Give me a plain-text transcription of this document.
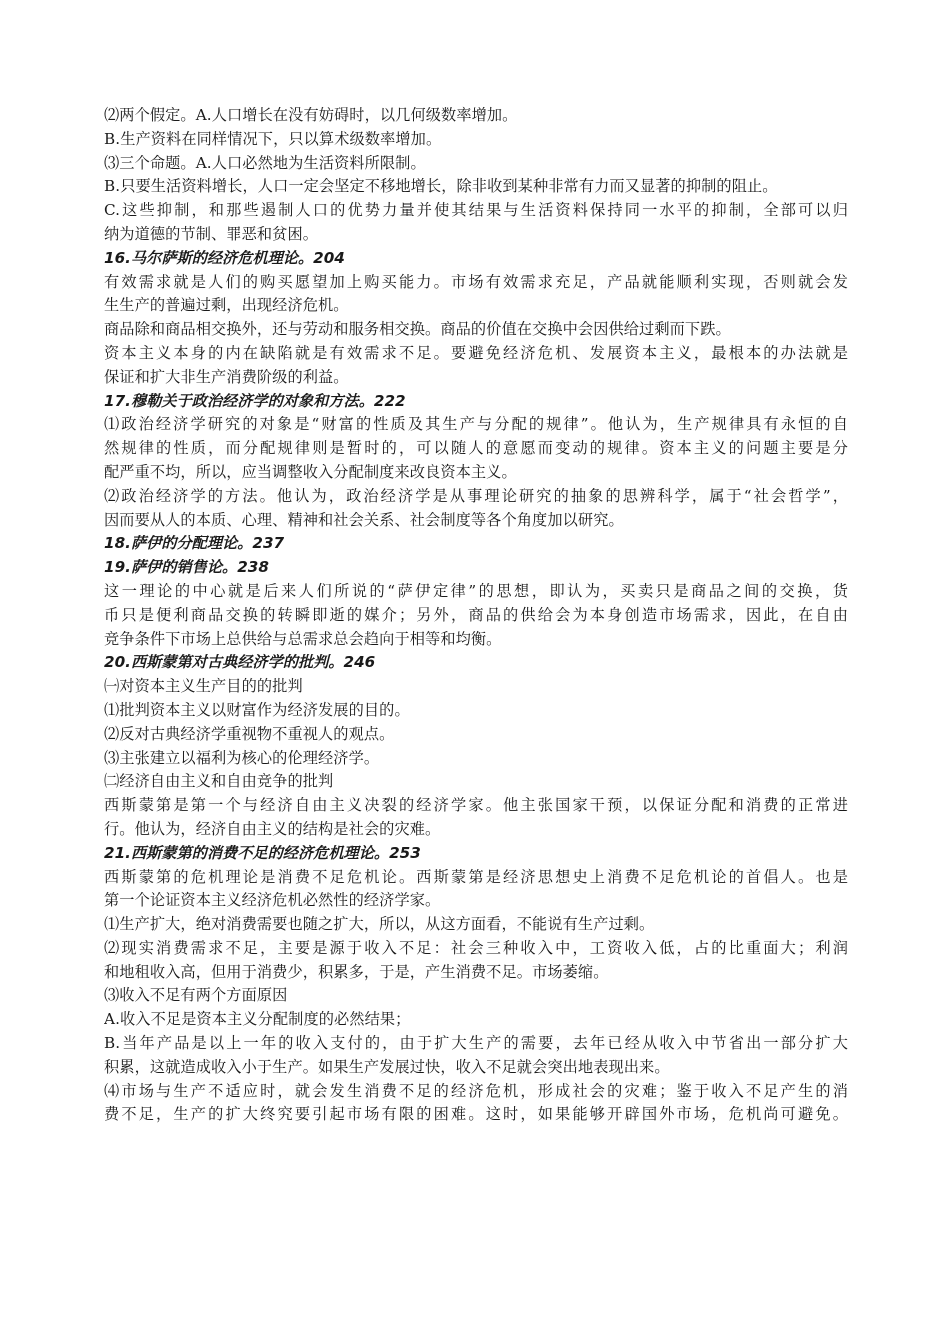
⑵两个假定。A.人口增长在没有妨碍时，以几何级数率增加。
B.生产资料在同样情况下，只以算术级数率增加。
⑶三个命题。A.人口必然地为生活资料所限制。
B.只要生活资料增长，人口一定会坚定不移地增长，除非收到某种非常有力而又显著的抑制的阻止。
C.这些抑制，和那些遏制人口的优势力量并使其结果与生活资料保持同一水平的抑制，全部可以归
纳为道德的节制、罪恶和贫困。
16.马尔萨斯的经济危机理论。204
有效需求就是人们的购买愿望加上购买能力。市场有效需求充足，产品就能顺利实现，否则就会发
生生产的普遍过剩，出现经济危机。
商品除和商品相交换外，还与劳动和服务相交换。商品的价值在交换中会因供给过剩而下跌。
资本主义本身的内在缺陷就是有效需求不足。要避免经济危机、发展资本主义，最根本的办法就是
保证和扩大非生产消费阶级的利益。
17.穆勒关于政治经济学的对象和方法。222
⑴政治经济学研究的对象是“财富的性质及其生产与分配的规律”。他认为，生产规律具有永恒的自
然规律的性质，而分配规律则是暂时的，可以随人的意愿而变动的规律。资本主义的问题主要是分
配严重不均，所以，应当调整收入分配制度来改良资本主义。
⑵政治经济学的方法。他认为，政治经济学是从事理论研究的抽象的思辨科学，属于“社会哲学”，
因而要从人的本质、心理、精神和社会关系、社会制度等各个角度加以研究。
18.萨伊的分配理论。237
19.萨伊的销售论。238
这一理论的中心就是后来人们所说的“萨伊定律”的思想，即认为，买卖只是商品之间的交换，货
币只是便利商品交换的转瞬即逝的媒介；另外，商品的供给会为本身创造市场需求，因此，在自由
竞争条件下市场上总供给与总需求总会趋向于相等和均衡。
20.西斯蒙第对古典经济学的批判。246
㈠对资本主义生产目的的批判
⑴批判资本主义以财富作为经济发展的目的。
⑵反对古典经济学重视物不重视人的观点。
⑶主张建立以福利为核心的伦理经济学。
㈡经济自由主义和自由竞争的批判
西斯蒙第是第一个与经济自由主义决裂的经济学家。他主张国家干预，以保证分配和消费的正常进
行。他认为，经济自由主义的结构是社会的灾难。
21.西斯蒙第的消费不足的经济危机理论。253
西斯蒙第的危机理论是消费不足危机论。西斯蒙第是经济思想史上消费不足危机论的首倡人。也是
第一个论证资本主义经济危机必然性的经济学家。
⑴生产扩大，绝对消费需要也随之扩大，所以，从这方面看，不能说有生产过剩。
⑵现实消费需求不足，主要是源于收入不足：社会三种收入中，工资收入低，占的比重面大；利润
和地租收入高，但用于消费少，积累多，于是，产生消费不足。市场萎缩。
⑶收入不足有两个方面原因
A.收入不足是资本主义分配制度的必然结果；
B.当年产品是以上一年的收入支付的，由于扩大生产的需要，去年已经从收入中节省出一部分扩大
积累，这就造成收入小于生产。如果生产发展过快，收入不足就会突出地表现出来。
⑷市场与生产不适应时，就会发生消费不足的经济危机，形成社会的灾难；鉴于收入不足产生的消
费不足，生产的扩大终究要引起市场有限的困难。这时，如果能够开辟国外市场，危机尚可避免。
